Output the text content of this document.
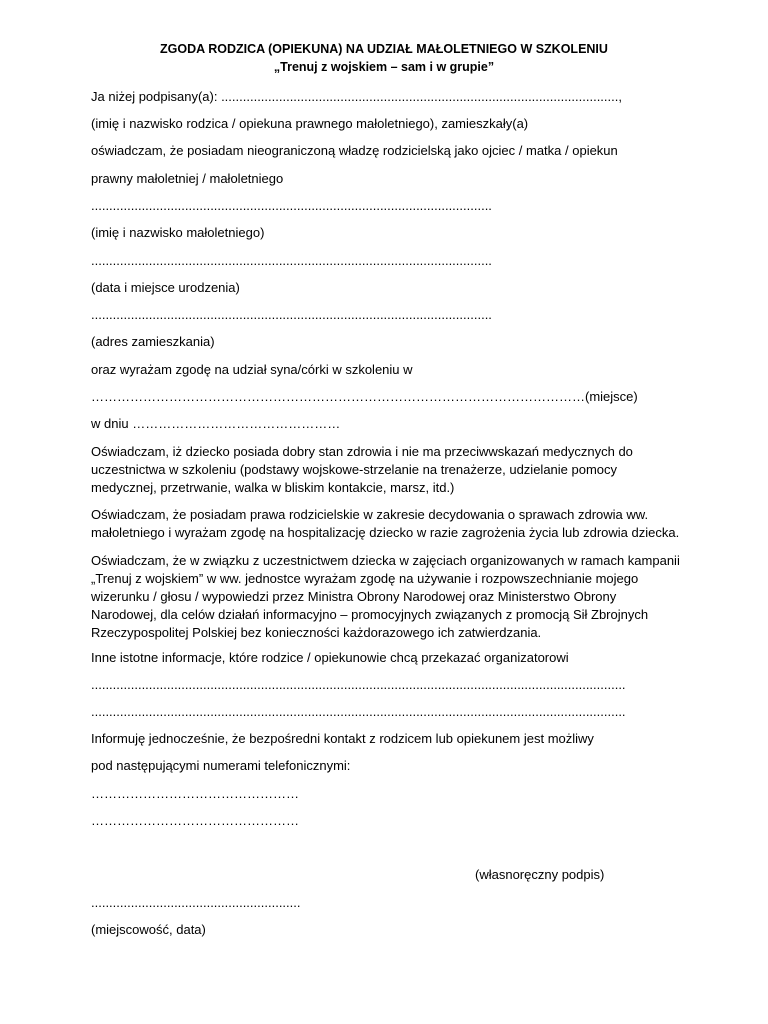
ZGODA RODZICA (OPIEKUNA) NA UDZIAŁ MAŁOLETNIEGO W SZKOLENIU
„Trenuj z wojskiem – sam i w grupie”
Ja niżej podpisany(a): ..............................................................................................................,
(imię i nazwisko rodzica / opiekuna prawnego małoletniego), zamieszkały(a)
oświadczam, że posiadam nieograniczoną władzę rodzicielską jako ojciec / matka / opiekun
prawny małoletniej / małoletniego
...............................................................................................................
(imię i nazwisko małoletniego)
...............................................................................................................
(data i miejsce urodzenia)
...............................................................................................................
(adres zamieszkania)
oraz wyrażam zgodę na udział syna/córki w szkoleniu w
……………………………………………………………………………………………………(miejsce)
w dniu …………………………………………
Oświadczam, iż dziecko posiada dobry stan zdrowia i nie ma przeciwwskazań medycznych do
uczestnictwa w szkoleniu (podstawy wojskowe-strzelanie na trenażerze, udzielanie pomocy
medycznej, przetrwanie, walka w bliskim kontakcie, marsz, itd.)
Oświadczam, że posiadam prawa rodzicielskie w zakresie decydowania o sprawach zdrowia ww.
małoletniego i wyrażam zgodę na hospitalizację dziecko w razie zagrożenia życia lub zdrowia dziecka.
Oświadczam, że w związku z uczestnictwem dziecka w zajęciach organizowanych w ramach kampanii
„Trenuj z wojskiem” w ww. jednostce wyrażam zgodę na używanie i rozpowszechnianie mojego
wizerunku / głosu / wypowiedzi przez Ministra Obrony Narodowej oraz Ministerstwo Obrony
Narodowej, dla celów działań informacyjno – promocyjnych związanych z promocją Sił Zbrojnych
Rzeczypospolitej Polskiej bez konieczności każdorazowego ich zatwierdzania.
Inne istotne informacje, które rodzice / opiekunowie chcą przekazać organizatorowi
....................................................................................................................................................
....................................................................................................................................................
Informuję jednocześnie, że bezpośredni kontakt z rodzicem lub opiekunem jest możliwy
pod następującymi numerami telefonicznymi:
…………………………………………
…………………………………………
(własnoręczny podpis)
..........................................................
(miejscowość, data)
